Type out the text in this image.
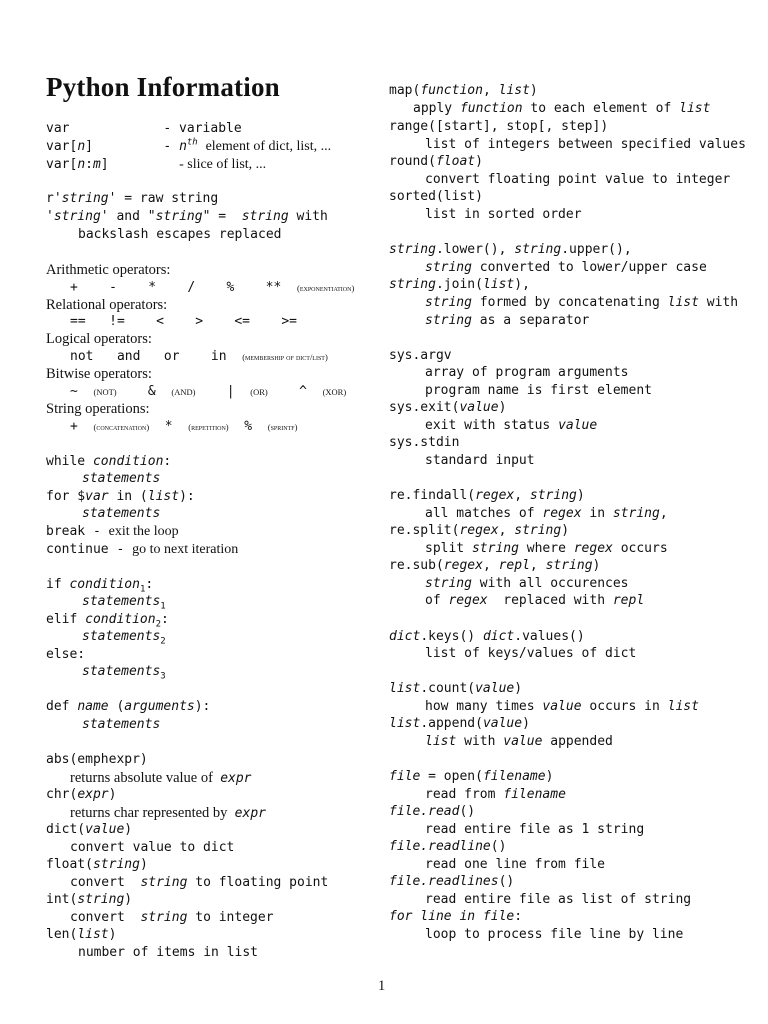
Python Information
var            - variable
var[n]         - $n^{th}$ element of dict, list, ...
var[n:m]         - slice of list, ...
r'string' = raw string
'string' and "string" =  string with
backslash escapes replaced
Arithmetic operators:
+    -    *    /    %    **  (exponentiation)
Relational operators:
==   !=    <    >    <=    >=
Logical operators:
not   and   or    in  (membership of dict/list)
Bitwise operators:
~  (NOT)    &  (AND)    |  (OR)    ^  (XOR)
String operations:
+  (concatenation)  *  (repetition)  %  (sprintf)
while condition:
statements
for $var in (list):
statements
break - exit the loop
continue - go to next iteration
if condition$_1$:
statements$_1$
elif condition$_2$:
statements$_2$
else:
statements$_3$
def name (arguments):
statements
abs(emphexpr)
returns absolute value of  expr
chr(expr)
returns char represented by  expr
dict(value)
convert value to dict
float(string)
convert  string to floating point
int(string)
convert  string to integer
len(list)
number of items in list
map(function, list)
apply function to each element of list
range([start], stop[, step])
list of integers between specified values
round(float)
convert floating point value to integer
sorted(list)
list in sorted order
string.lower(), string.upper(),
string converted to lower/upper case
string.join(list),
string formed by concatenating list with
string as a separator
sys.argv
array of program arguments
program name is first element
sys.exit(value)
exit with status value
sys.stdin
standard input
re.findall(regex, string)
all matches of regex in string,
re.split(regex, string)
split string where regex occurs
re.sub(regex, repl, string)
string with all occurences
of regex  replaced with repl
dict.keys() dict.values()
list of keys/values of dict
list.count(value)
how many times value occurs in list
list.append(value)
list with value appended
file = open(filename)
read from filename
file.read()
read entire file as 1 string
file.readline()
read one line from file
file.readlines()
read entire file as list of string
for line in file:
loop to process file line by line
1
